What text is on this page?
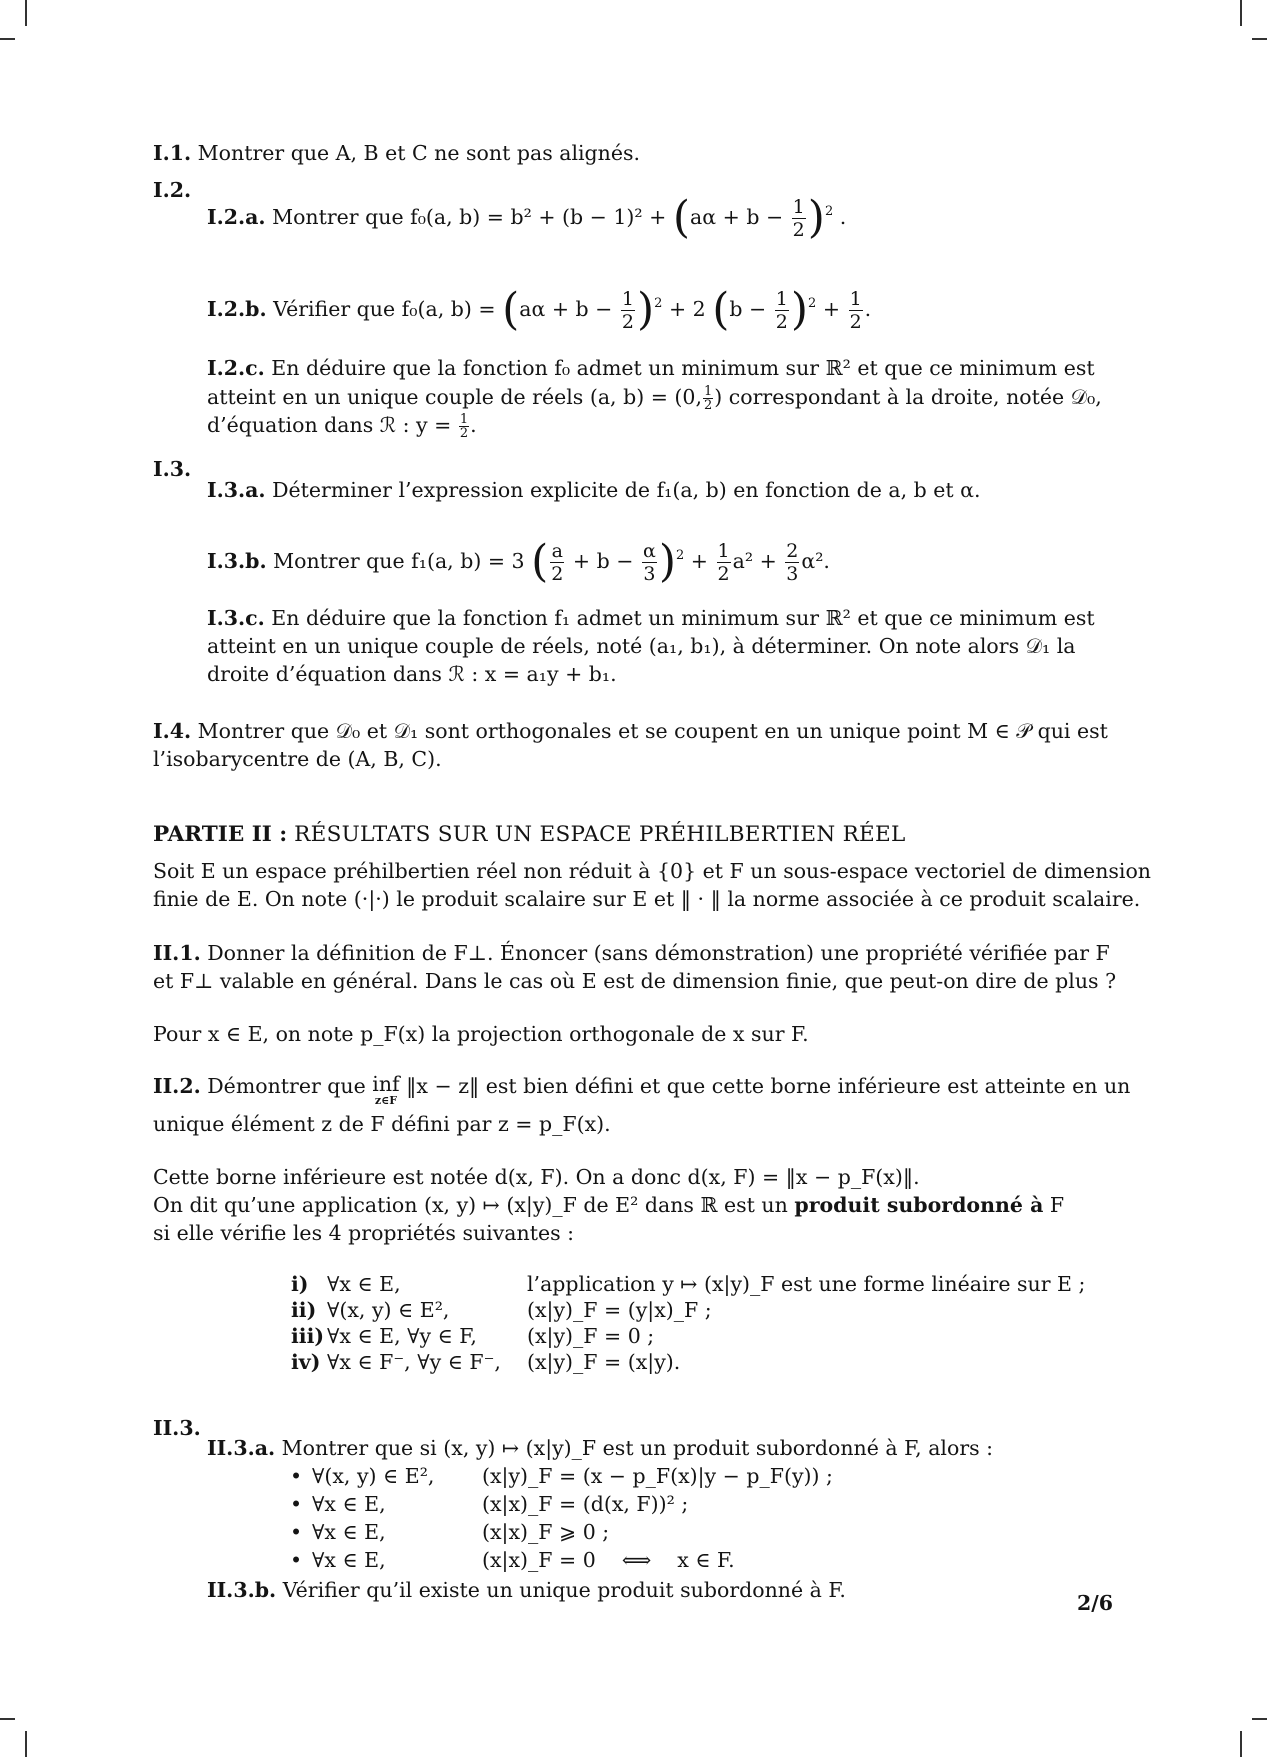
I.1. Montrer que A, B et C ne sont pas alignés.
I.2.
I.2.a. Montrer que f₀(a, $b) = b^2 + (b - 1)^2 + (a\alpha + b - \frac{1}{2} )^2$ .
I.2.b. Vérifier que f₀(a, $b) = (a\alpha + b - \frac{1}{2} )^2 + 2$ $(b - \frac{1}{2} )^2 + \frac{1}{2}$ .
I.2.c. En déduire que la fonction f₀ admet un minimum sur ℝ² et que ce minimum est
atteint en un unique couple de réels (a, b) = (0, $\frac{1}{2}$ ) correspondant à la droite, notée 𝒟₀,
d’équation dans ℛ : $y = \frac{1}{2}$ .
I.3.
I.3.a. Déterminer l’expression explicite de f₁(a, b) en fonction de a, b et α.
I.3.b. Montrer que f₁(a, b) = 3 ( $\frac{a}{2} + b - \frac{\alpha}{3} )^2 + \frac{1}{2} a^2 + \frac{2}{3} \alpha^2$.
I.3.c. En déduire que la fonction f₁ admet un minimum sur ℝ² et que ce minimum est
atteint en un unique couple de réels, noté (a₁, b₁), à déterminer. On note alors 𝒟₁ la
droite d’équation dans ℛ : x = a₁y + b₁.
I.4. Montrer que 𝒟₀ et 𝒟₁ sont orthogonales et se coupent en un unique point M ∈ 𝒫 qui est
l’isobarycentre de (A, B, C).
PARTIE II : RÉSULTATS SUR UN ESPACE PRÉHILBERTIEN RÉEL
Soit E un espace préhilbertien réel non réduit à {0} et F un sous-espace vectoriel de dimension
finie de E. On note (·|·) le produit scalaire sur E et ‖ · ‖ la norme associée à ce produit scalaire.
II.1. Donner la définition de F⊥. Énoncer (sans démonstration) une propriété vérifiée par F
et F⊥ valable en général. Dans le cas où E est de dimension finie, que peut-on dire de plus ?
Pour x ∈ E, on note p_F(x) la projection orthogonale de x sur F.
II.2. Démontrer que inf
z∈F
‖x − z‖ est bien défini et que cette borne inférieure est atteinte en un
unique élément z de F défini par z = p_F(x).
Cette borne inférieure est notée d(x, F). On a donc d(x, F) = ‖x − p_F(x)‖.
On dit qu’une application (x, y) ↦ (x|y)_F de E² dans ℝ est un produit subordonné à F
si elle vérifie les 4 propriétés suivantes :
i) ∀x ∈ E,	l’application y ↦ (x|y)_F est une forme linéaire sur E ;
ii) ∀(x, y) ∈ E²,	(x|y)_F = (y|x)_F ;
iii) ∀x ∈ E, ∀y ∈ F, (x|y)_F = 0 ;
iv) ∀x ∈ F⁻, ∀y ∈ F⁻, (x|y)_F = (x|y).
II.3.
II.3.a. Montrer que si (x, y) ↦ (x|y)_F est un produit subordonné à F, alors :
• ∀(x, y) ∈ E², (x|y)_F = (x − p_F(x)|y − p_F(y)) ;
• ∀x ∈ E,	(x|x)_F = (d(x, F))² ;
• ∀x ∈ E,	(x|x)_F ⩾ 0 ;
• ∀x ∈ E,	(x|x)_F = 0    ⟺    x ∈ F.
II.3.b. Vérifier qu’il existe un unique produit subordonné à F.
2/6
